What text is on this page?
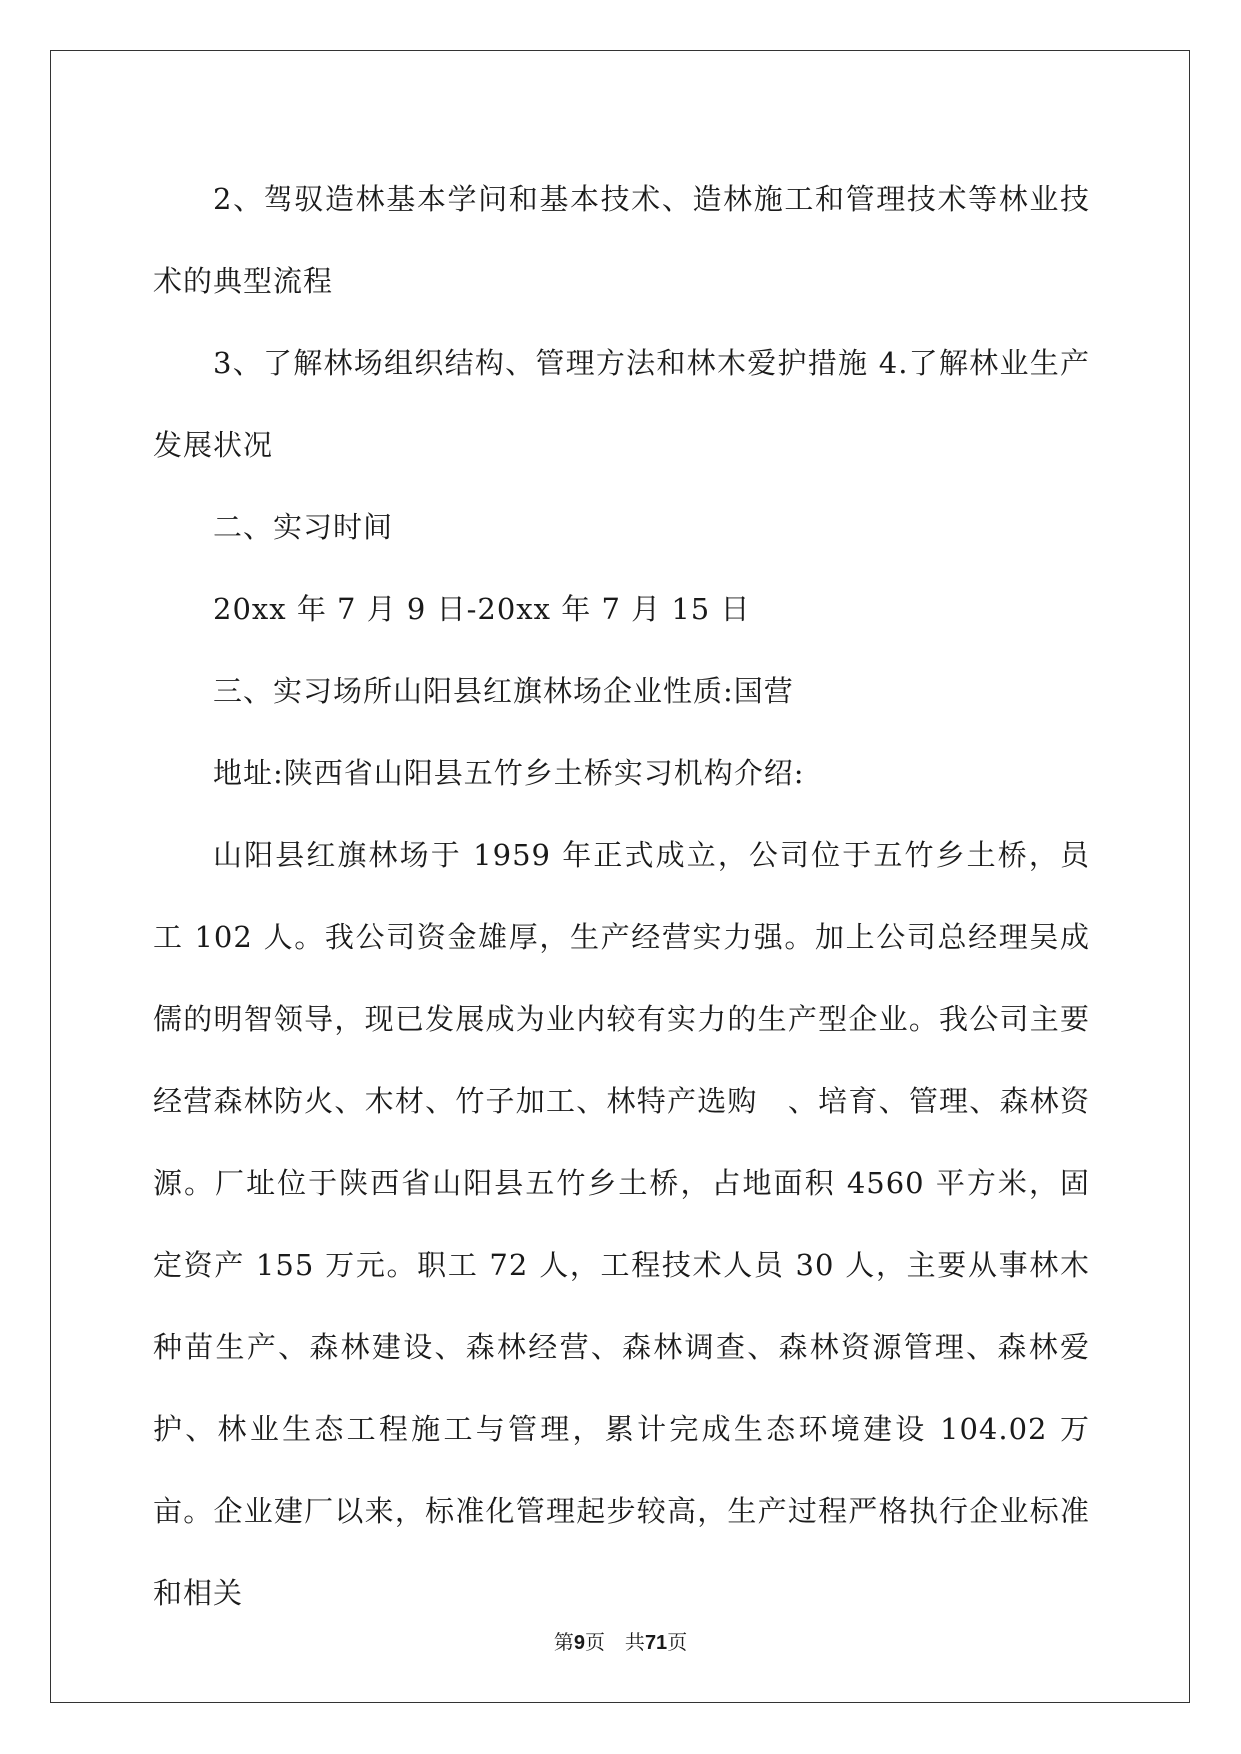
2、驾驭造林基本学问和基本技术、造林施工和管理技术等林业技术的典型流程

3、了解林场组织结构、管理方法和林木爱护措施 4.了解林业生产发展状况

二、实习时间

20xx 年 7 月 9 日-20xx 年 7 月 15 日

三、实习场所山阳县红旗林场企业性质:国营

地址:陕西省山阳县五竹乡土桥实习机构介绍:

山阳县红旗林场于 1959 年正式成立，公司位于五竹乡土桥，员工 102 人。我公司资金雄厚，生产经营实力强。加上公司总经理吴成儒的明智领导，现已发展成为业内较有实力的生产型企业。我公司主要经营森林防火、木材、竹子加工、林特产选购　、培育、管理、森林资源。厂址位于陕西省山阳县五竹乡土桥，占地面积 4560 平方米，固定资产 155 万元。职工 72 人，工程技术人员 30 人，主要从事林木种苗生产、森林建设、森林经营、森林调查、森林资源管理、森林爱护、林业生态工程施工与管理，累计完成生态环境建设 104.02 万亩。企业建厂以来，标准化管理起步较高，生产过程严格执行企业标准和相关

第9页　共71页
